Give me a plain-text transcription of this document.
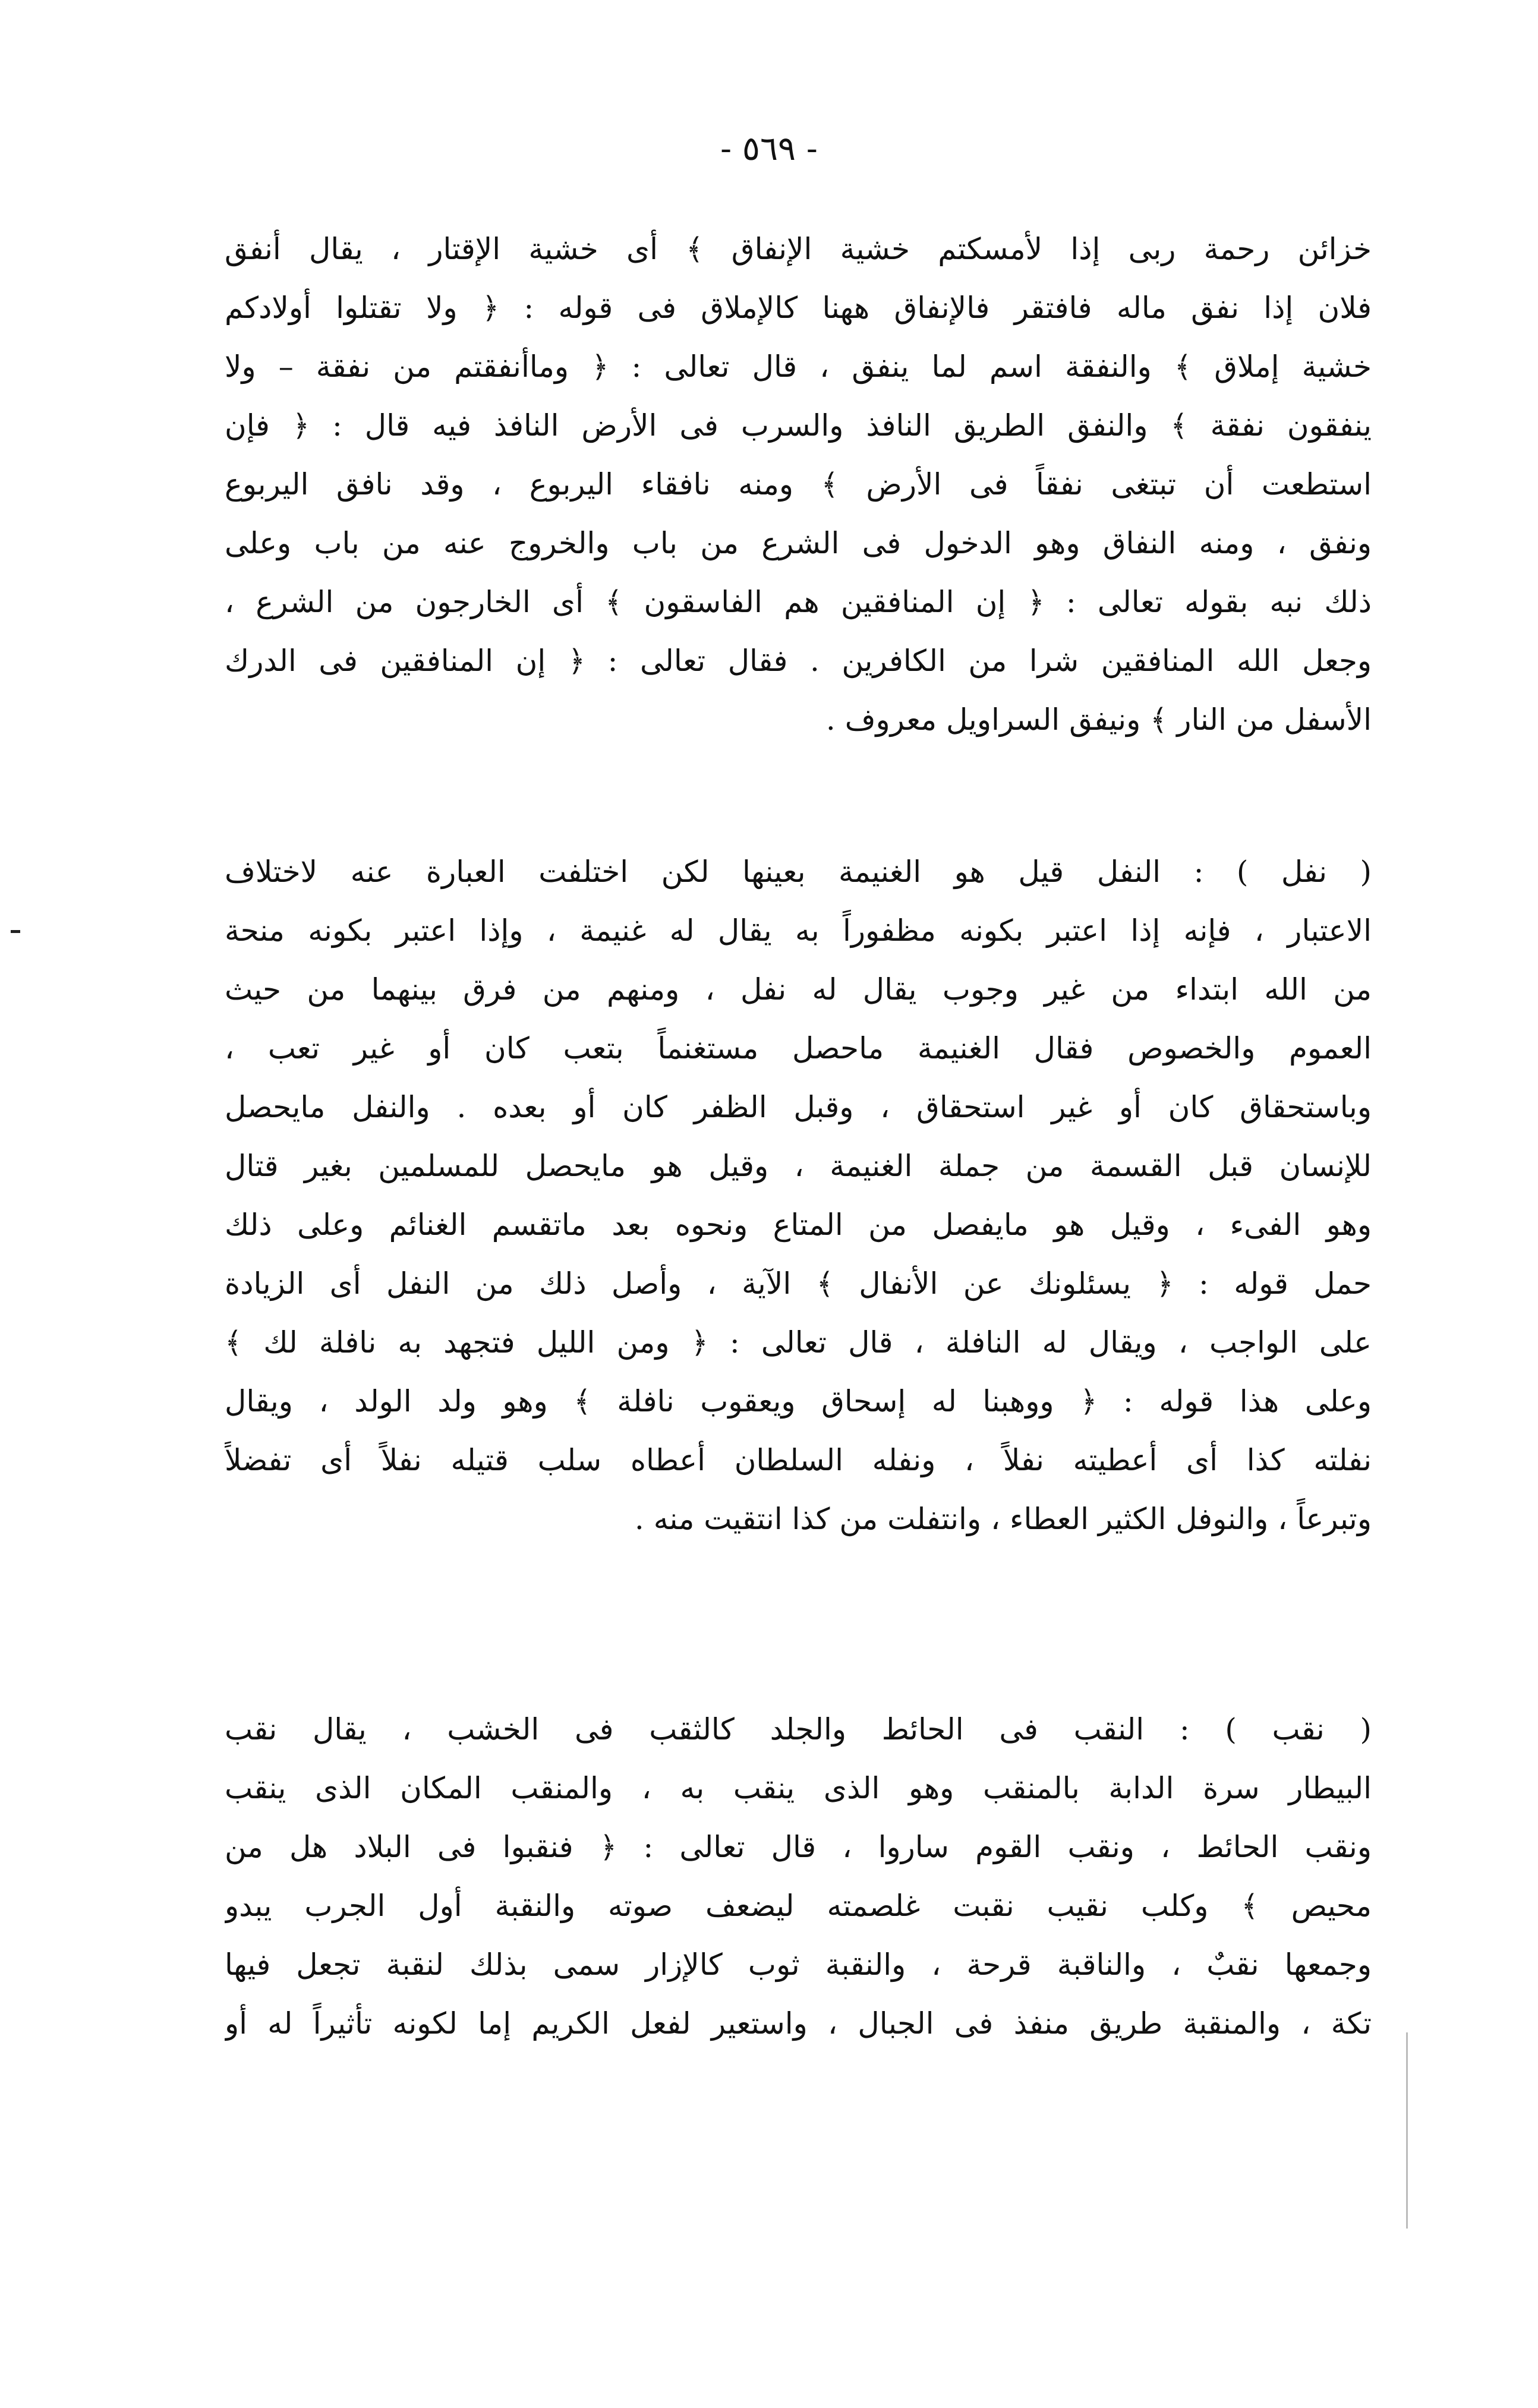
- ٥٦٩ -
خزائن رحمة ربى إذا لأمسكتم خشية الإنفاق ﴾ أى خشية الإقتار ، يقال أنفق
فلان إذا نفق ماله فافتقر فالإنفاق ههنا كالإملاق فى قوله : ﴿ ولا تقتلوا أولادكم
خشية إملاق ﴾ والنفقة اسم لما ينفق ، قال تعالى : ﴿ وماأنفقتم من نفقة – ولا
ينفقون نفقة ﴾ والنفق الطريق النافذ والسرب فى الأرض النافذ فيه قال : ﴿ فإن
استطعت أن تبتغى نفقاً فى الأرض ﴾ ومنه نافقاء اليربوع ، وقد نافق اليربوع
ونفق ، ومنه النفاق وهو الدخول فى الشرع من باب والخروج عنه من باب وعلى
ذلك نبه بقوله تعالى : ﴿ إن المنافقين هم الفاسقون ﴾ أى الخارجون من الشرع ،
وجعل الله المنافقين شرا من الكافرين . فقال تعالى : ﴿ إن المنافقين فى الدرك
الأسفل من النار ﴾ ونيفق السراويل معروف .
( نفل ) : النفل قيل هو الغنيمة بعينها لكن اختلفت العبارة عنه لاختلاف
الاعتبار ، فإنه إذا اعتبر بكونه مظفوراً به يقال له غنيمة ، وإذا اعتبر بكونه منحة
من الله ابتداء من غير وجوب يقال له نفل ، ومنهم من فرق بينهما من حيث
العموم والخصوص فقال الغنيمة ماحصل مستغنماً بتعب كان أو غير تعب ،
وباستحقاق كان أو غير استحقاق ، وقبل الظفر كان أو بعده . والنفل مايحصل
للإنسان قبل القسمة من جملة الغنيمة ، وقيل هو مايحصل للمسلمين بغير قتال
وهو الفىء ، وقيل هو مايفصل من المتاع ونحوه بعد ماتقسم الغنائم وعلى ذلك
حمل قوله : ﴿ يسئلونك عن الأنفال ﴾ الآية ، وأصل ذلك من النفل أى الزيادة
على الواجب ، ويقال له النافلة ، قال تعالى : ﴿ ومن الليل فتجهد به نافلة لك ﴾
وعلى هذا قوله : ﴿ ووهبنا له إسحاق ويعقوب نافلة ﴾ وهو ولد الولد ، ويقال
نفلته كذا أى أعطيته نفلاً ، ونفله السلطان أعطاه سلب قتيله نفلاً أى تفضلاً
وتبرعاً ، والنوفل الكثير العطاء ، وانتفلت من كذا انتقيت منه .
( نقب ) : النقب فى الحائط والجلد كالثقب فى الخشب ، يقال نقب
البيطار سرة الدابة بالمنقب وهو الذى ينقب به ، والمنقب المكان الذى ينقب
ونقب الحائط ، ونقب القوم ساروا ، قال تعالى : ﴿ فنقبوا فى البلاد هل من
محيص ﴾ وكلب نقيب نقبت غلصمته ليضعف صوته والنقبة أول الجرب يبدو
وجمعها نقبٌ ، والناقبة قرحة ، والنقبة ثوب كالإزار سمى بذلك لنقبة تجعل فيها
تكة ، والمنقبة طريق منفذ فى الجبال ، واستعير لفعل الكريم إما لكونه تأثيراً له أو
